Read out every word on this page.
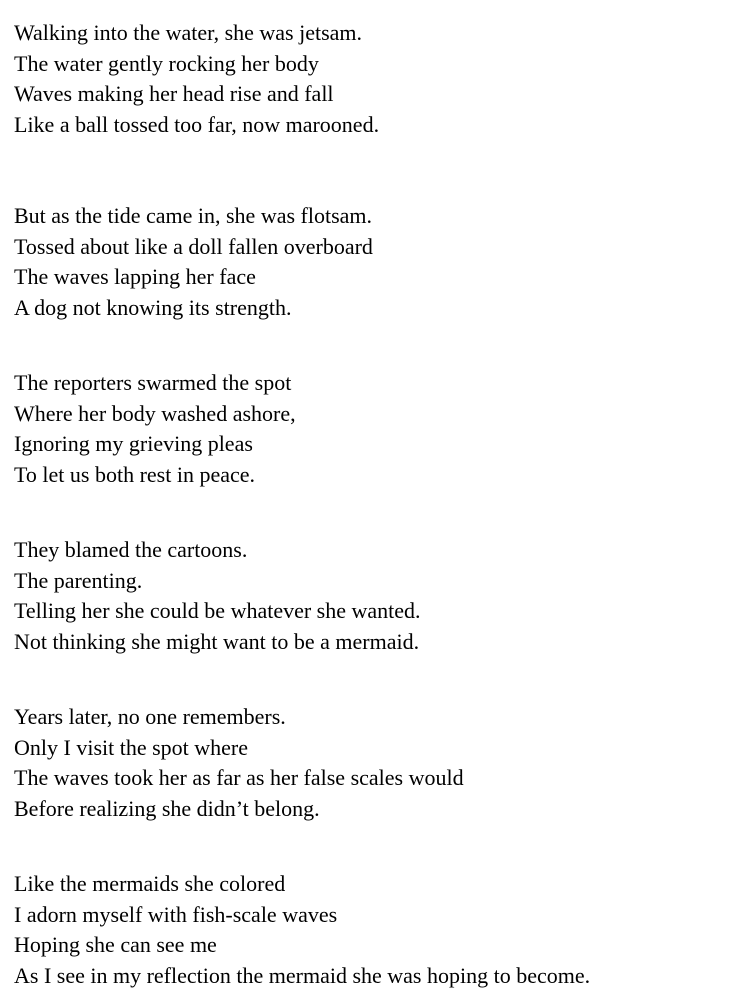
Walking into the water, she was jetsam.
The water gently rocking her body
Waves making her head rise and fall
Like a ball tossed too far, now marooned.
But as the tide came in, she was flotsam.
Tossed about like a doll fallen overboard
The waves lapping her face
A dog not knowing its strength.
The reporters swarmed the spot
Where her body washed ashore,
Ignoring my grieving pleas
To let us both rest in peace.
They blamed the cartoons.
The parenting.
Telling her she could be whatever she wanted.
Not thinking she might want to be a mermaid.
Years later, no one remembers.
Only I visit the spot where
The waves took her as far as her false scales would
Before realizing she didn’t belong.
Like the mermaids she colored
I adorn myself with fish-scale waves
Hoping she can see me
As I see in my reflection the mermaid she was hoping to become.
